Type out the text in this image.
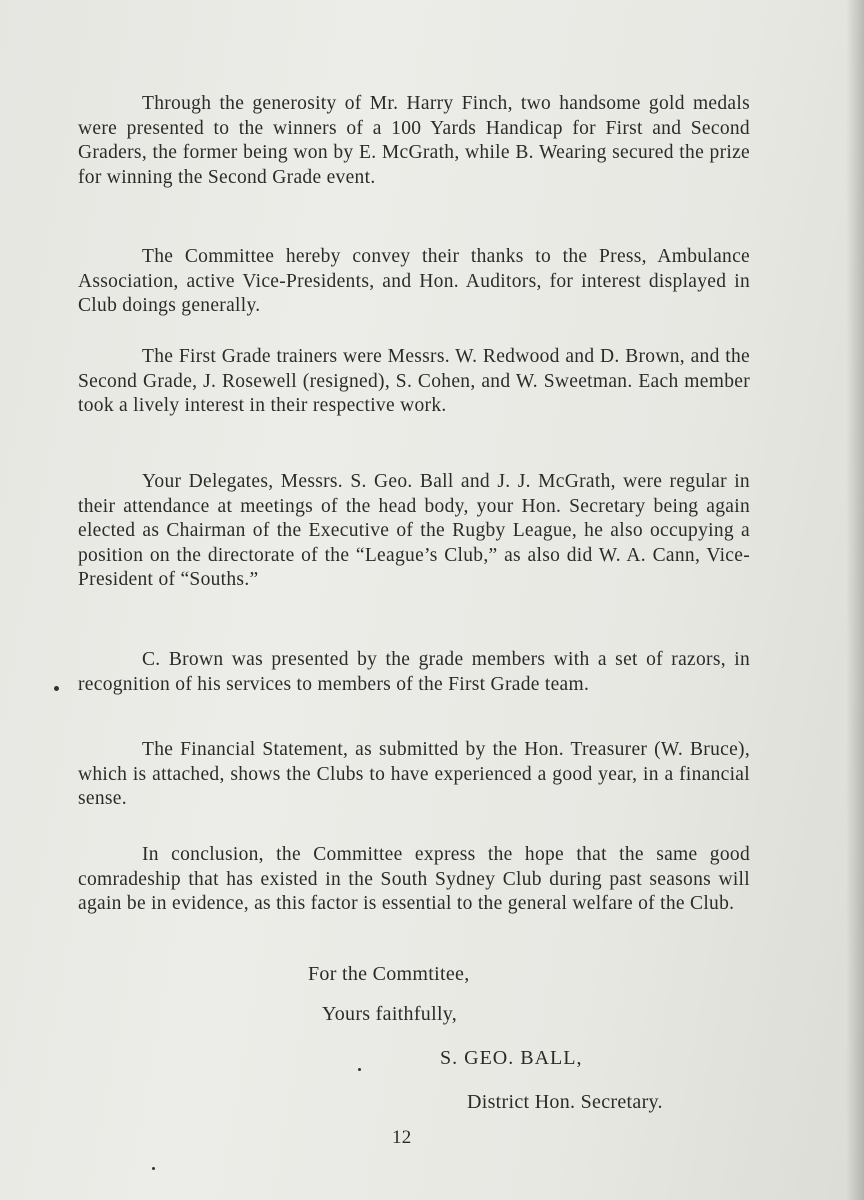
Through the generosity of Mr. Harry Finch, two handsome gold medals were presented to the winners of a 100 Yards Handicap for First and Second Graders, the former being won by E. McGrath, while B. Wearing secured the prize for winning the Second Grade event.

The Committee hereby convey their thanks to the Press, Ambulance Association, active Vice-Presidents, and Hon. Auditors, for interest displayed in Club doings generally.

The First Grade trainers were Messrs. W. Redwood and D. Brown, and the Second Grade, J. Rosewell (resigned), S. Cohen, and W. Sweetman. Each member took a lively interest in their respective work.

Your Delegates, Messrs. S. Geo. Ball and J. J. McGrath, were regular in their attendance at meetings of the head body, your Hon. Secretary being again elected as Chairman of the Executive of the Rugby League, he also occupying a position on the directorate of the “League’s Club,” as also did W. A. Cann, Vice-President of “Souths.”

C. Brown was presented by the grade members with a set of razors, in recognition of his services to members of the First Grade team.

The Financial Statement, as submitted by the Hon. Treasurer (W. Bruce), which is attached, shows the Clubs to have experienced a good year, in a financial sense.

In conclusion, the Committee express the hope that the same good comradeship that has existed in the South Sydney Club during past seasons will again be in evidence, as this factor is essential to the general welfare of the Club.

For the Commtitee,
Yours faithfully,
S. GEO. BALL,
District Hon. Secretary.
12
